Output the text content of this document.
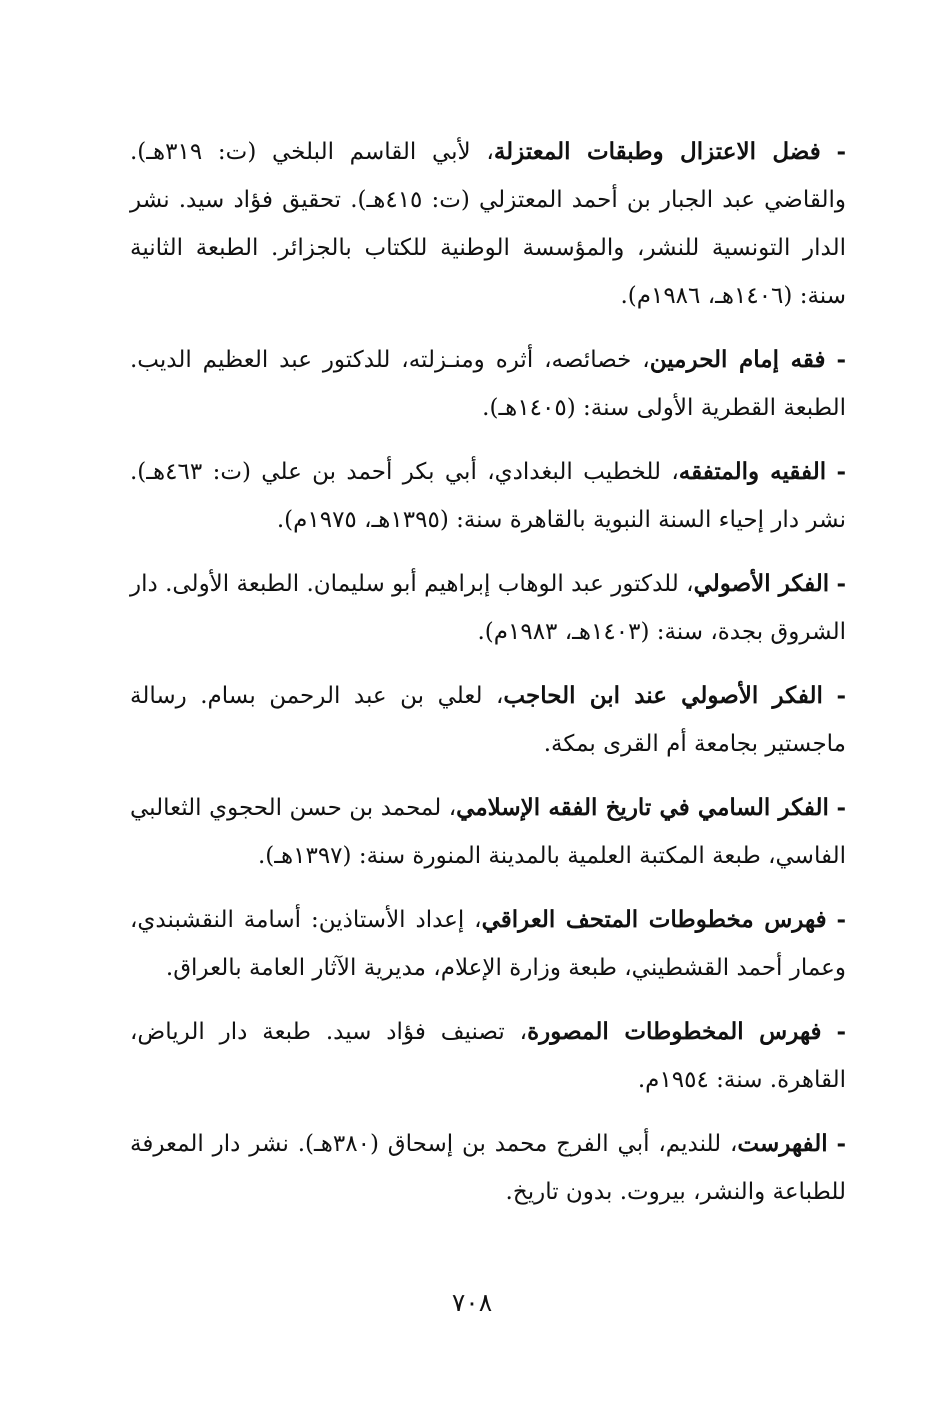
- فضل الاعتزال وطبقات المعتزلة، لأبي القاسم البلخي (ت: ٣١٩هـ). والقاضي عبد الجبار بن أحمد المعتزلي (ت: ٤١٥هـ). تحقيق فؤاد سيد. نشر الدار التونسية للنشر، والمؤسسة الوطنية للكتاب بالجزائر. الطبعة الثانية سنة: (١٤٠٦هـ، ١٩٨٦م).

- فقه إمام الحرمين، خصائصه، أثره ومنـزلته، للدكتور عبد العظيم الديب. الطبعة القطرية الأولى سنة: (١٤٠٥هـ).

- الفقيه والمتفقه، للخطيب البغدادي، أبي بكر أحمد بن علي (ت: ٤٦٣هـ). نشر دار إحياء السنة النبوية بالقاهرة سنة: (١٣٩٥هـ، ١٩٧٥م).

- الفكر الأصولي، للدكتور عبد الوهاب إبراهيم أبو سليمان. الطبعة الأولى. دار الشروق بجدة، سنة: (١٤٠٣هـ، ١٩٨٣م).

- الفكر الأصولي عند ابن الحاجب، لعلي بن عبد الرحمن بسام. رسالة ماجستير بجامعة أم القرى بمكة.

- الفكر السامي في تاريخ الفقه الإسلامي، لمحمد بن حسن الحجوي الثعالبي الفاسي، طبعة المكتبة العلمية بالمدينة المنورة سنة: (١٣٩٧هـ).

- فهرس مخطوطات المتحف العراقي، إعداد الأستاذين: أسامة النقشبندي، وعمار أحمد القشطيني، طبعة وزارة الإعلام، مديرية الآثار العامة بالعراق.

- فهرس المخطوطات المصورة، تصنيف فؤاد سيد. طبعة دار الرياض، القاهرة. سنة: ١٩٥٤م.

- الفهرست، للنديم، أبي الفرج محمد بن إسحاق (٣٨٠هـ). نشر دار المعرفة للطباعة والنشر، بيروت. بدون تاريخ.

٧٠٨
